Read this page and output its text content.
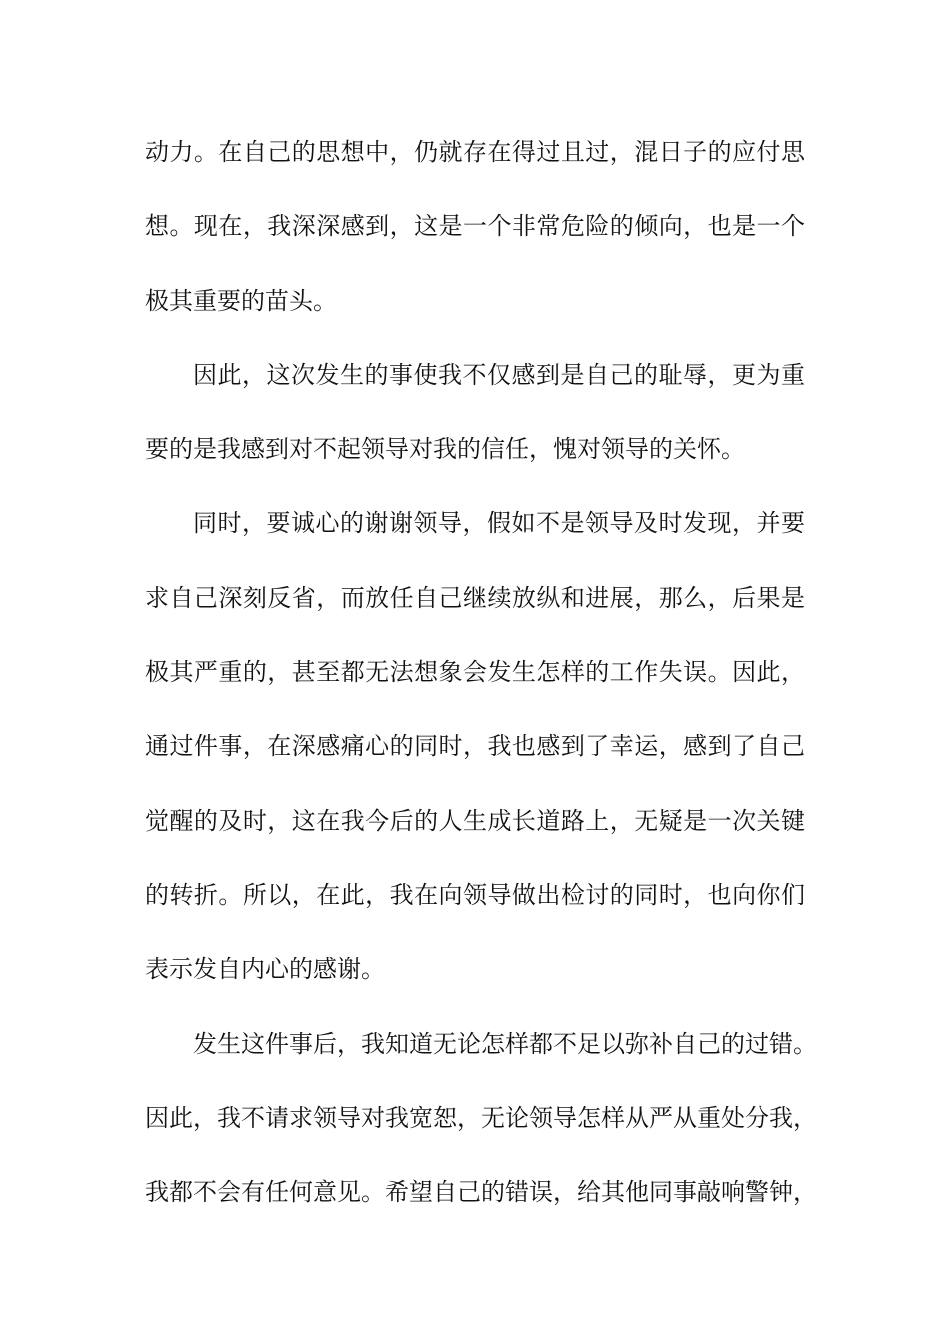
动力。在自己的思想中，仍就存在得过且过，混日子的应付思
想。现在，我深深感到，这是一个非常危险的倾向，也是一个
极其重要的苗头。
因此，这次发生的事使我不仅感到是自己的耻辱，更为重
要的是我感到对不起领导对我的信任，愧对领导的关怀。
同时，要诚心的谢谢领导，假如不是领导及时发现，并要
求自己深刻反省，而放任自己继续放纵和进展，那么，后果是
极其严重的，甚至都无法想象会发生怎样的工作失误。因此，
通过件事，在深感痛心的同时，我也感到了幸运，感到了自己
觉醒的及时，这在我今后的人生成长道路上，无疑是一次关键
的转折。所以，在此，我在向领导做出检讨的同时，也向你们
表示发自内心的感谢。
发生这件事后，我知道无论怎样都不足以弥补自己的过错。
因此，我不请求领导对我宽恕，无论领导怎样从严从重处分我，
我都不会有任何意见。希望自己的错误，给其他同事敲响警钟，
